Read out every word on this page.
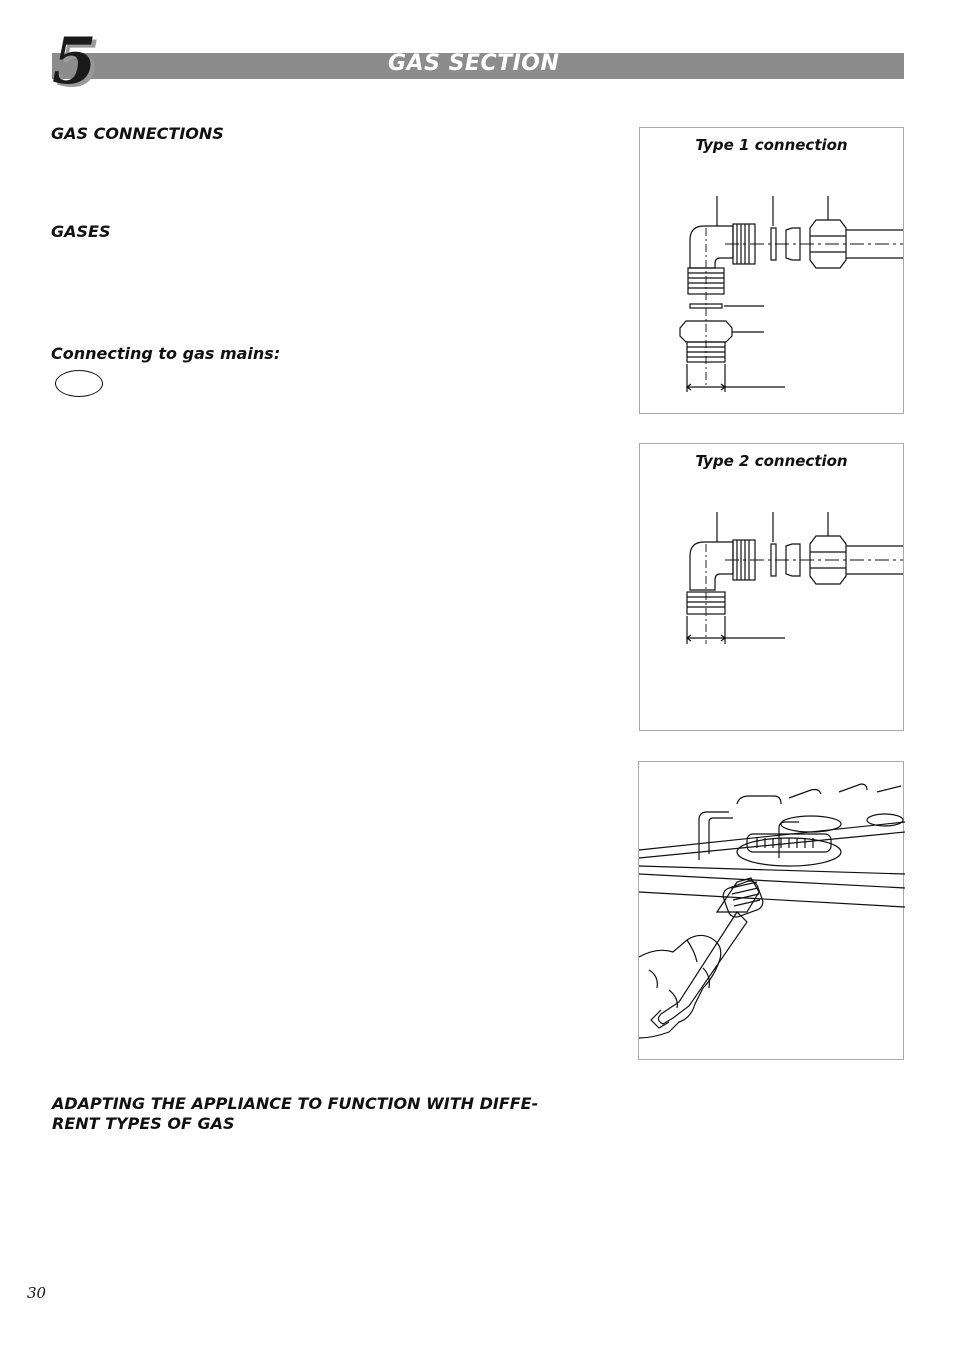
5	GAS SECTION
GAS CONNECTIONS
GASES
Connecting to gas mains:
ADAPTING THE APPLIANCE TO FUNCTION WITH DIFFE-
RENT TYPES OF GAS
Type 1 connection
Type 2 connection
30
